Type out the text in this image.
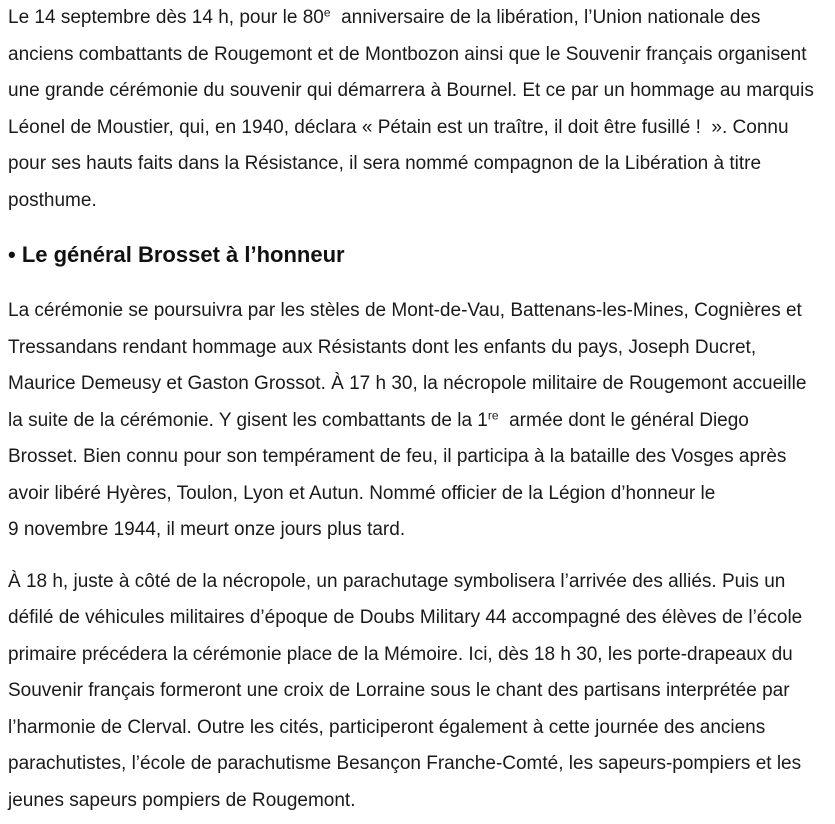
Le 14 septembre dès 14 h, pour le 80e  anniversaire de la libération, l’Union nationale des
anciens combattants de Rougemont et de Montbozon ainsi que le Souvenir français organisent
une grande cérémonie du souvenir qui démarrera à Bournel. Et ce par un hommage au marquis
Léonel de Moustier, qui, en 1940, déclara « Pétain est un traître, il doit être fusillé !  ». Connu
pour ses hauts faits dans la Résistance, il sera nommé compagnon de la Libération à titre
posthume.

• Le général Brosset à l’honneur

La cérémonie se poursuivra par les stèles de Mont-de-Vau, Battenans-les-Mines, Cognières et
Tressandans rendant hommage aux Résistants dont les enfants du pays, Joseph Ducret,
Maurice Demeusy et Gaston Grossot. À 17 h 30, la nécropole militaire de Rougemont accueille
la suite de la cérémonie. Y gisent les combattants de la 1re  armée dont le général Diego
Brosset. Bien connu pour son tempérament de feu, il participa à la bataille des Vosges après
avoir libéré Hyères, Toulon, Lyon et Autun. Nommé officier de la Légion d’honneur le
9 novembre 1944, il meurt onze jours plus tard.

À 18 h, juste à côté de la nécropole, un parachutage symbolisera l’arrivée des alliés. Puis un
défilé de véhicules militaires d’époque de Doubs Military 44 accompagné des élèves de l’école
primaire précédera la cérémonie place de la Mémoire. Ici, dès 18 h 30, les porte-drapeaux du
Souvenir français formeront une croix de Lorraine sous le chant des partisans interprétée par
l’harmonie de Clerval. Outre les cités, participeront également à cette journée des anciens
parachutistes, l’école de parachutisme Besançon Franche-Comté, les sapeurs-pompiers et les
jeunes sapeurs pompiers de Rougemont.
